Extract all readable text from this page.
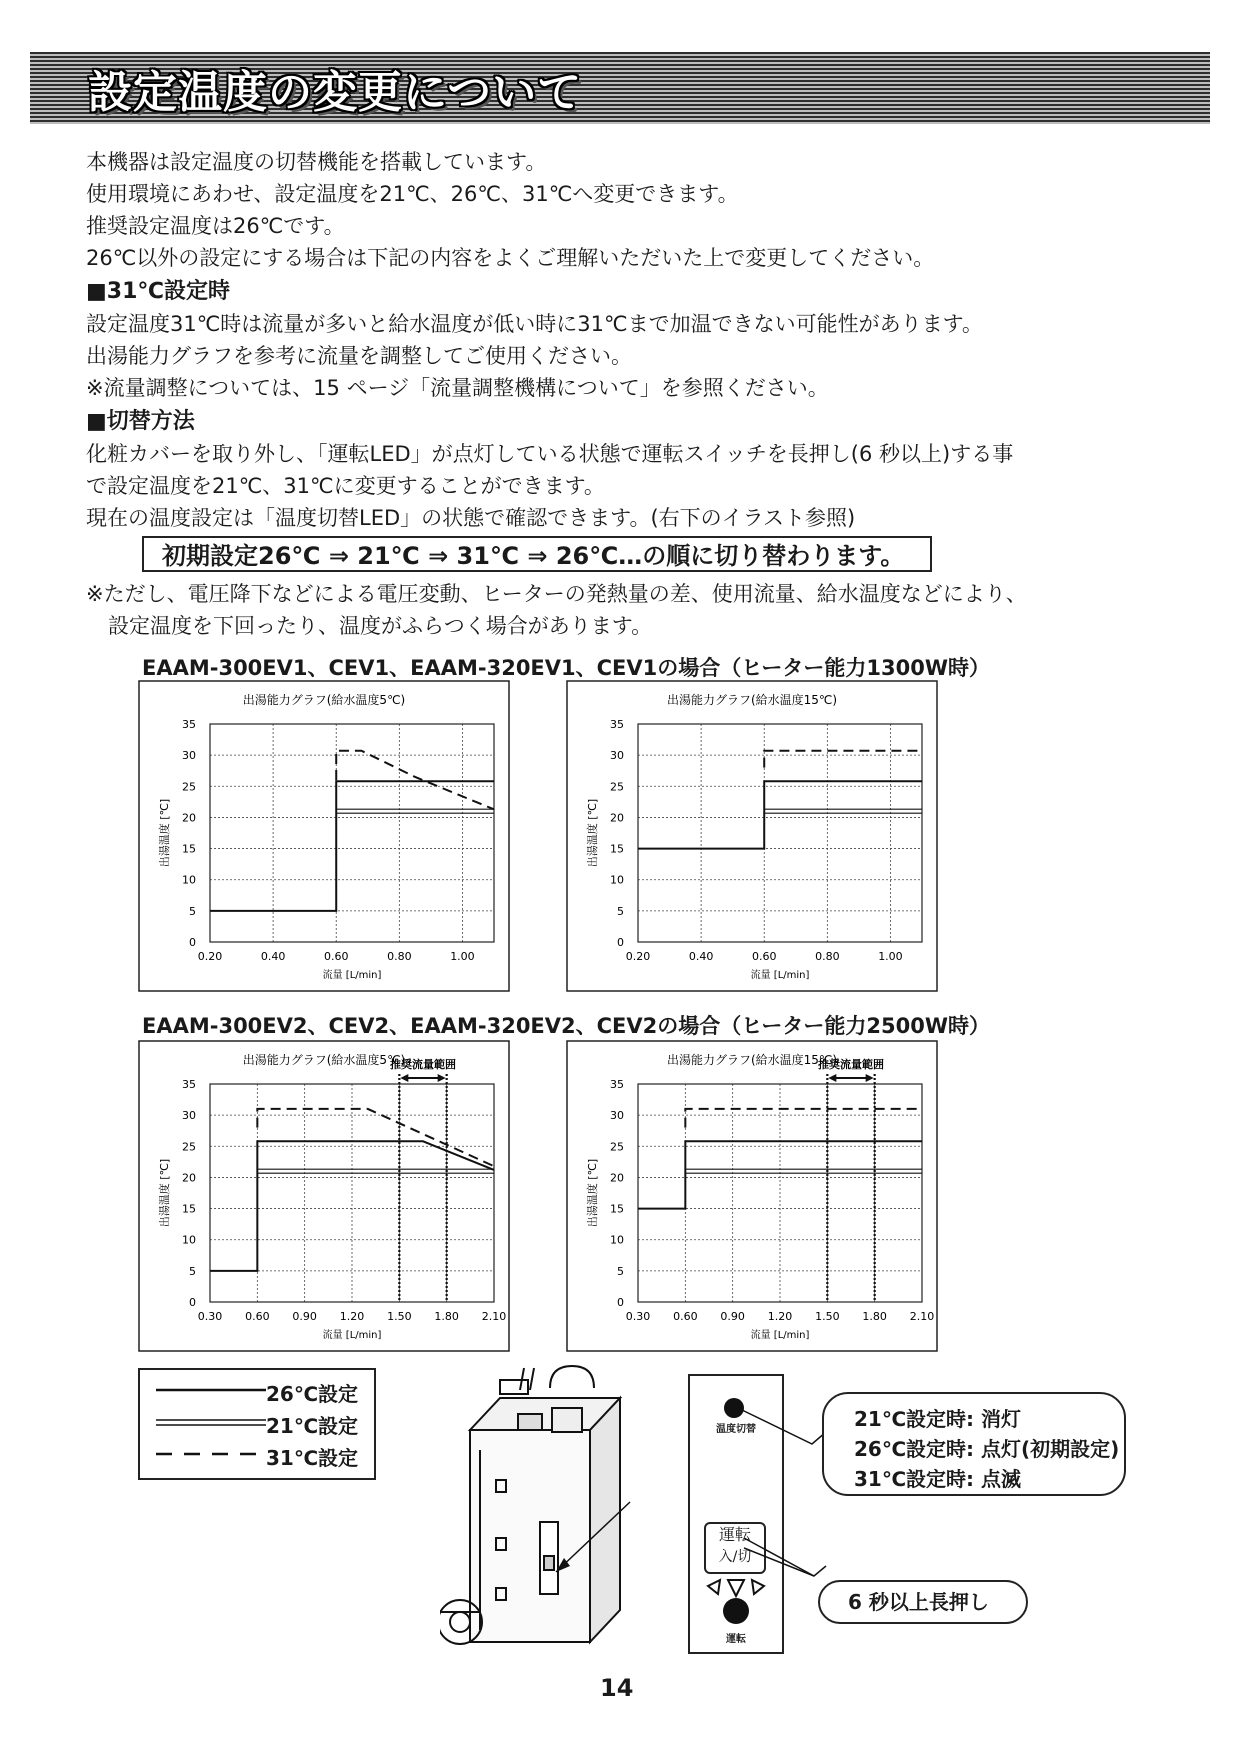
設定温度の変更について
本機器は設定温度の切替機能を搭載しています。
使用環境にあわせ、設定温度を21℃、26℃、31℃へ変更できます。
推奨設定温度は26℃です。
26℃以外の設定にする場合は下記の内容をよくご理解いただいた上で変更してください。
■31℃設定時
設定温度31℃時は流量が多いと給水温度が低い時に31℃まで加温できない可能性があります。
出湯能力グラフを参考に流量を調整してご使用ください。
※流量調整については、15 ページ「流量調整機構について」を参照ください。
■切替方法
化粧カバーを取り外し、「運転LED」が点灯している状態で運転スイッチを長押し(6 秒以上)する事
で設定温度を21℃、31℃に変更することができます。
現在の温度設定は「温度切替LED」の状態で確認できます。(右下のイラスト参照)
初期設定26℃ ⇒ 21℃ ⇒ 31℃ ⇒ 26℃…の順に切り替わります。
※ただし、電圧降下などによる電圧変動、ヒーターの発熱量の差、使用流量、給水温度などにより、
設定温度を下回ったり、温度がふらつく場合があります。
EAAM-300EV1、CEV1、EAAM-320EV1、CEV1の場合（ヒーター能力1300W時）
EAAM-300EV2、CEV2、EAAM-320EV2、CEV2の場合（ヒーター能力2500W時）
出湯能力グラフ(給水温度5℃)
0
5
10
15
20
25
30
35
0.20	0.40	0.60	0.80	1.00
流量 [L/min]
出湯温度 [℃]
出湯能力グラフ(給水温度15℃)
0
5
10
15
20
25
30
35
0.20	0.40	0.60	0.80	1.00
流量 [L/min]
出湯温度 [℃]
出湯能力グラフ(給水温度5℃)
0
5
10
15
20
25
30
35
0.30 0.60 0.90 1.20 1.50 1.80 2.10
流量 [L/min]
出湯温度 [℃]
推奨流量範囲	出湯能力グラフ(給水温度15℃)
0
5
10
15
20
25
30
35
0.30 0.60 0.90 1.20 1.50 1.80 2.10
流量 [L/min]
出湯温度 [℃]
推奨流量範囲
26℃設定
21℃設定
31℃設定
温度切替
運転
入/切
運転
21℃設定時: 消灯
26℃設定時: 点灯(初期設定)
31℃設定時: 点滅
6 秒以上長押し
14
